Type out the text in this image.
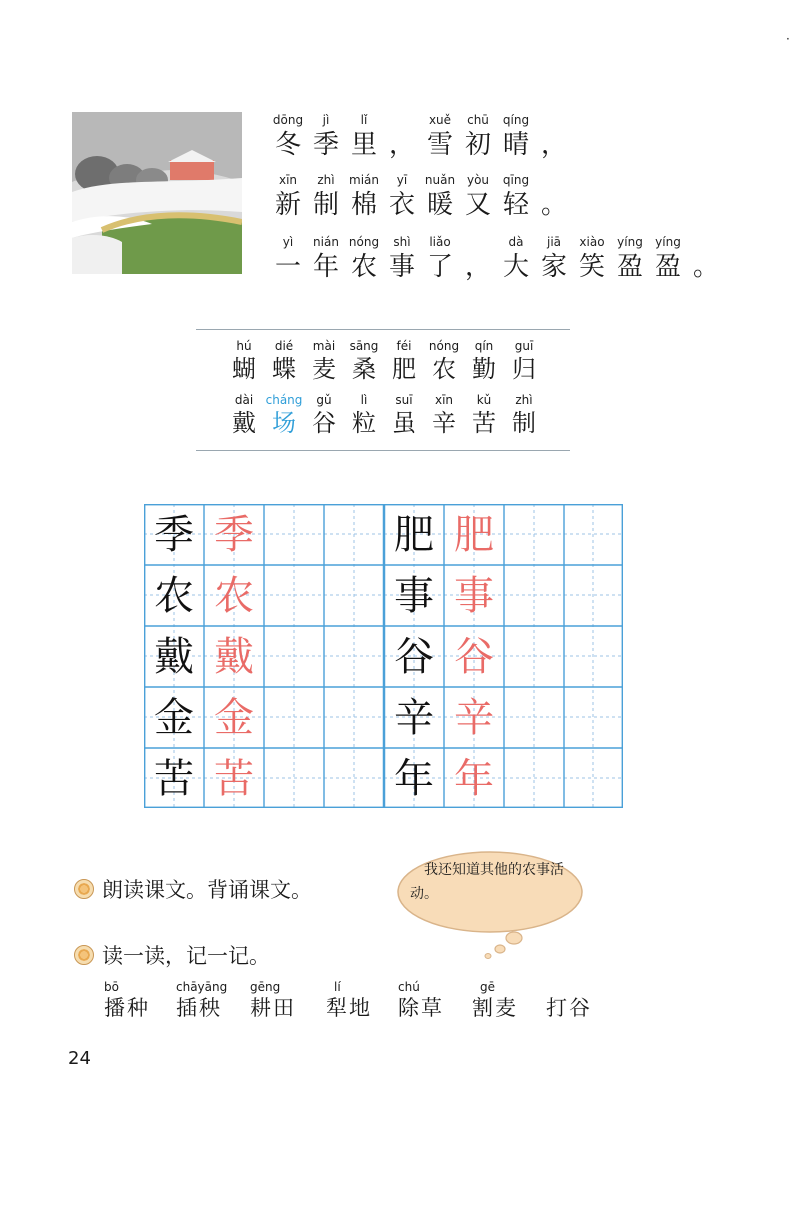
·
dōng
冬
jì
季
lǐ
里 ，
xuě
雪
chū
初
qíng
晴 ，
xīn
新
zhì
制
mián
棉
yī
衣
nuǎn
暖
yòu
又
qīng
轻 。
yì
一
nián
年
nóng
农
shì
事
liǎo
了 ，
dà
大
jiā
家
xiào
笑
yíng
盈
yíng
盈 。
hú
蝴
dié
蝶
mài
麦
sāng
桑
féi
肥
nóng
农
qín
勤
guī
归
dài
戴
cháng
场
gǔ
谷
lì
粒
suī
虽
xīn
辛
kǔ
苦
zhì
制
季 季
农 农
戴 戴
金 金
苦 苦
肥 肥
事 事
谷 谷
辛 辛
年 年
我还知道其他的农事活动。
朗读课文。背诵课文。
读一读，记一记。
bō
播种
chāyāng
插秧
gēng
耕田
lí
犁地
chú
除草
gē
割麦 打谷
24
